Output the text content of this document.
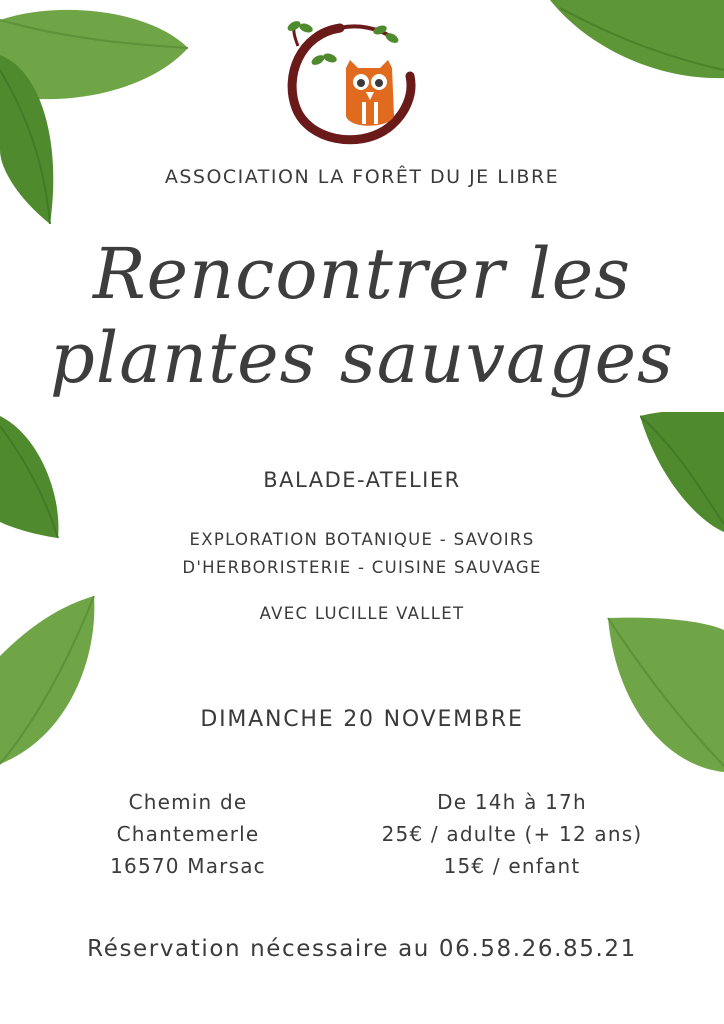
ASSOCIATION LA FORÊT DU JE LIBRE
Rencontrer les
plantes sauvages
BALADE-ATELIER
EXPLORATION BOTANIQUE - SAVOIRS
D'HERBORISTERIE - CUISINE SAUVAGE
AVEC LUCILLE VALLET
DIMANCHE 20 NOVEMBRE
Chemin de
Chantemerle
16570 Marsac
De 14h à 17h
25€ / adulte (+ 12 ans)
15€ / enfant
Réservation nécessaire au 06.58.26.85.21
